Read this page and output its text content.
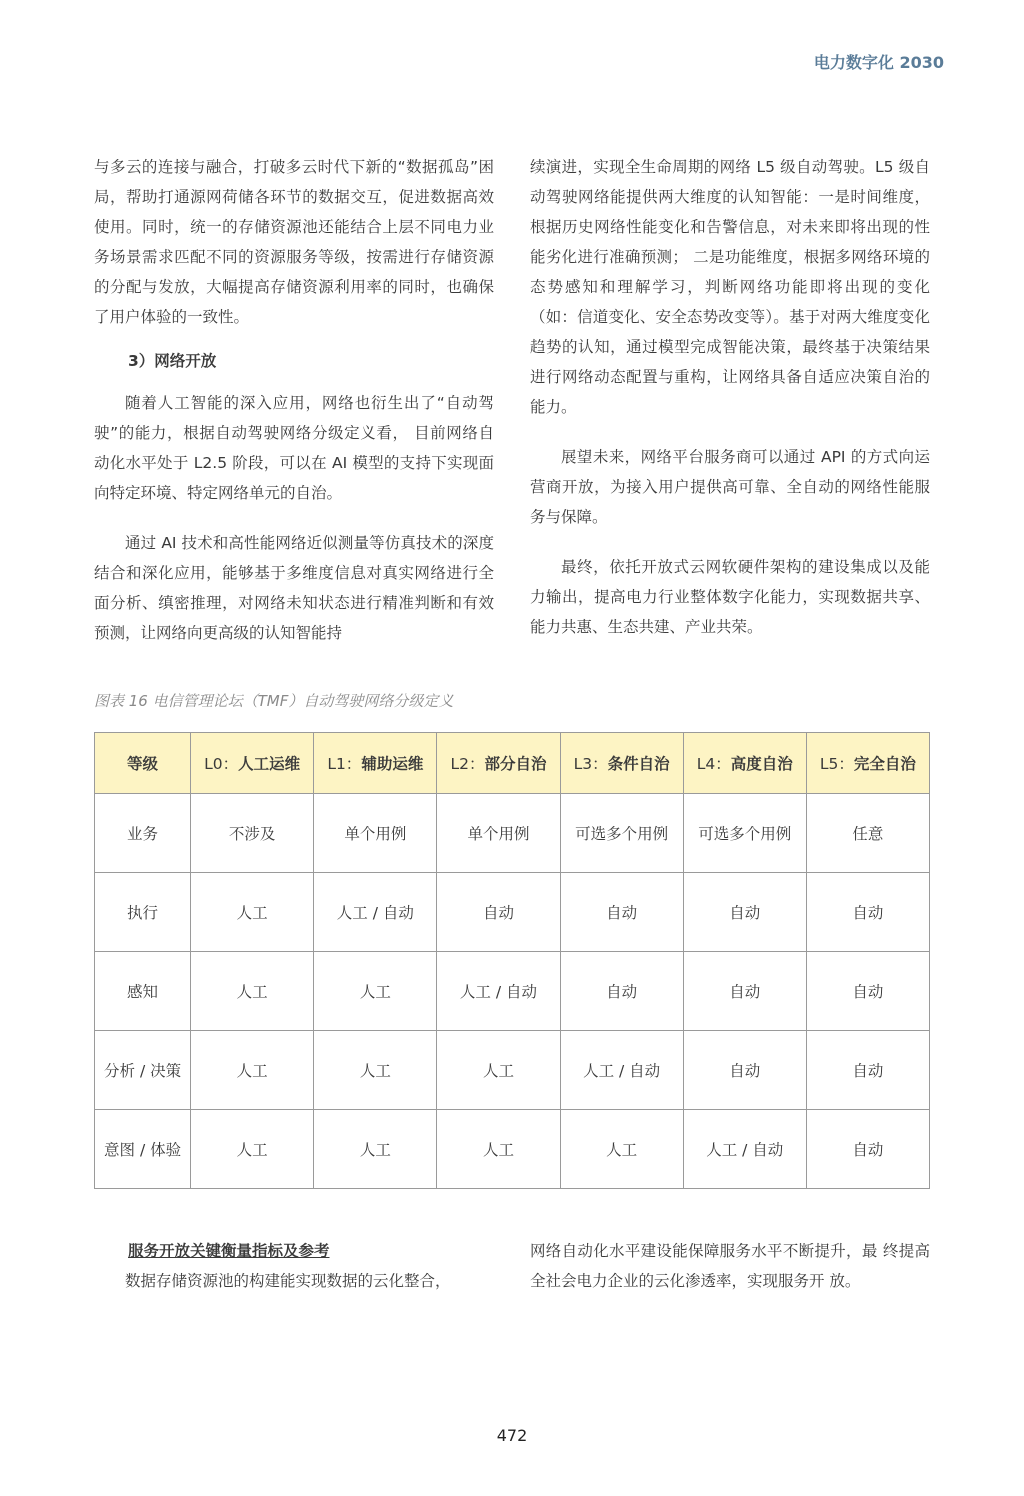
电力数字化 2030

与多云的连接与融合，打破多云时代下新的“数据孤岛”困局，帮助打通源网荷储各环节的数据交互，促进数据高效使用。同时，统一的存储资源池还能结合上层不同电力业务场景需求匹配不同的资源服务等级，按需进行存储资源的分配与发放，大幅提高存储资源利用率的同时，也确保了用户体验的一致性。

3）网络开放

随着人工智能的深入应用，网络也衍生出了“自动驾驶”的能力，根据自动驾驶网络分级定义看， 目前网络自动化水平处于 L2.5 阶段，可以在 AI 模型的支持下实现面向特定环境、特定网络单元的自治。

通过 AI 技术和高性能网络近似测量等仿真技术的深度结合和深化应用，能够基于多维度信息对真实网络进行全面分析、缜密推理，对网络未知状态进行精准判断和有效预测，让网络向更高级的认知智能持

续演进，实现全生命周期的网络 L5 级自动驾驶。L5 级自动驾驶网络能提供两大维度的认知智能：一是时间维度，根据历史网络性能变化和告警信息，对未来即将出现的性能劣化进行准确预测； 二是功能维度，根据多网络环境的态势感知和理解学习，判断网络功能即将出现的变化（如：信道变化、安全态势改变等）。基于对两大维度变化趋势的认知，通过模型完成智能决策，最终基于决策结果进行网络动态配置与重构，让网络具备自适应决策自治的能力。

展望未来，网络平台服务商可以通过 API 的方式向运营商开放，为接入用户提供高可靠、全自动的网络性能服务与保障。

最终，依托开放式云网软硬件架构的建设集成以及能力输出，提高电力行业整体数字化能力，实现数据共享、能力共惠、生态共建、产业共荣。

图表 16 电信管理论坛（TMF）自动驾驶网络分级定义
等级	L0：人工运维	L1：辅助运维	L2：部分自治	L3：条件自治	L4：高度自治	L5：完全自治
业务	不涉及	单个用例	单个用例	可选多个用例	可选多个用例	任意
执行	人工	人工 / 自动	自动	自动	自动	自动
感知	人工	人工	人工 / 自动	自动	自动	自动
分析 / 决策	人工	人工	人工	人工 / 自动	自动	自动
意图 / 体验	人工	人工	人工	人工	人工 / 自动	自动

服务开放关键衡量指标及参考

数据存储资源池的构建能实现数据的云化整合，

网络自动化水平建设能保障服务水平不断提升，最 终提高全社会电力企业的云化渗透率，实现服务开 放。

472
